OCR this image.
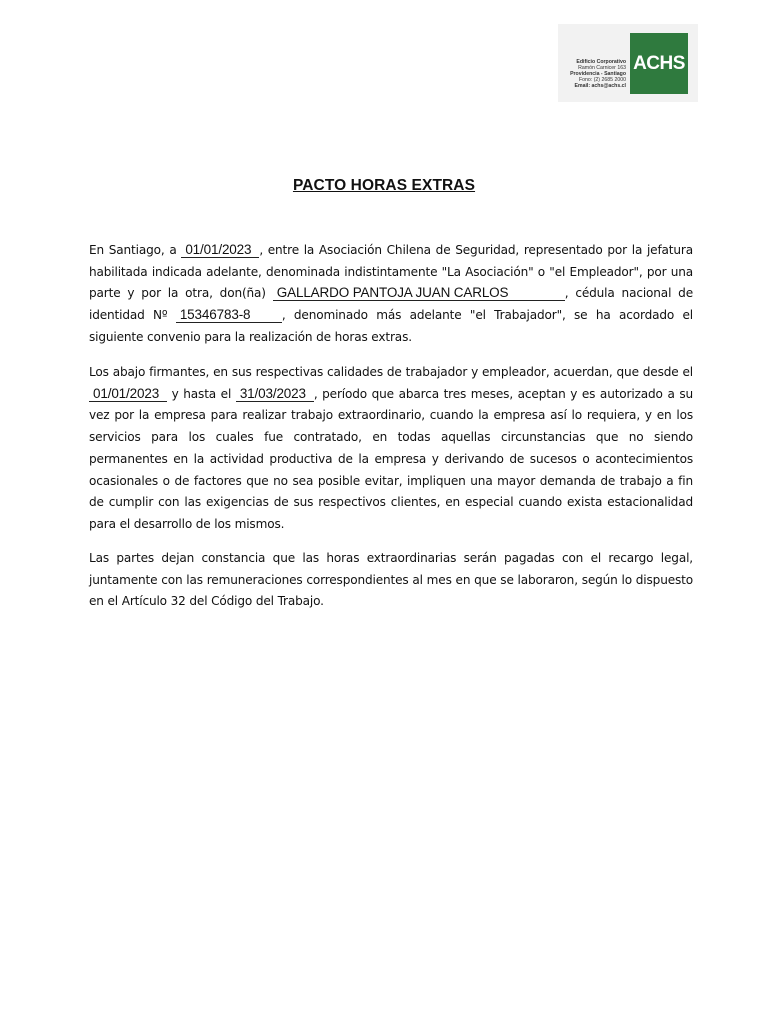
Edificio Corporativo
Ramón Carnicer 163
Providencia - Santiago
Fono: (2) 2685 2000
Email: achs@achs.cl
ACHS
PACTO HORAS EXTRAS
En Santiago, a 01/01/2023 , entre la Asociación Chilena de Seguridad, representado por la jefatura habilitada indicada adelante, denominada indistintamente "La Asociación" o "el Empleador", por una parte y por la otra, don(ña) GALLARDO PANTOJA JUAN CARLOS	, cédula nacional de identidad Nº 15346783-8	, denominado más adelante "el Trabajador", se ha acordado el siguiente convenio para la realización de horas extras.
Los abajo firmantes, en sus respectivas calidades de trabajador y empleador, acuerdan, que desde el 01/01/2023 y hasta el 31/03/2023 , período que abarca tres meses, aceptan y es autorizado a su vez por la empresa para realizar trabajo extraordinario, cuando la empresa así lo requiera, y en los servicios para los cuales fue contratado, en todas aquellas circunstancias que no siendo permanentes en la actividad productiva de la empresa y derivando de sucesos o acontecimientos ocasionales o de factores que no sea posible evitar, impliquen una mayor demanda de trabajo a fin de cumplir con las exigencias de sus respectivos clientes, en especial cuando exista estacionalidad para el desarrollo de los mismos.
Las partes dejan constancia que las horas extraordinarias serán pagadas con el recargo legal, juntamente con las remuneraciones correspondientes al mes en que se laboraron, según lo dispuesto en el Artículo 32 del Código del Trabajo.
